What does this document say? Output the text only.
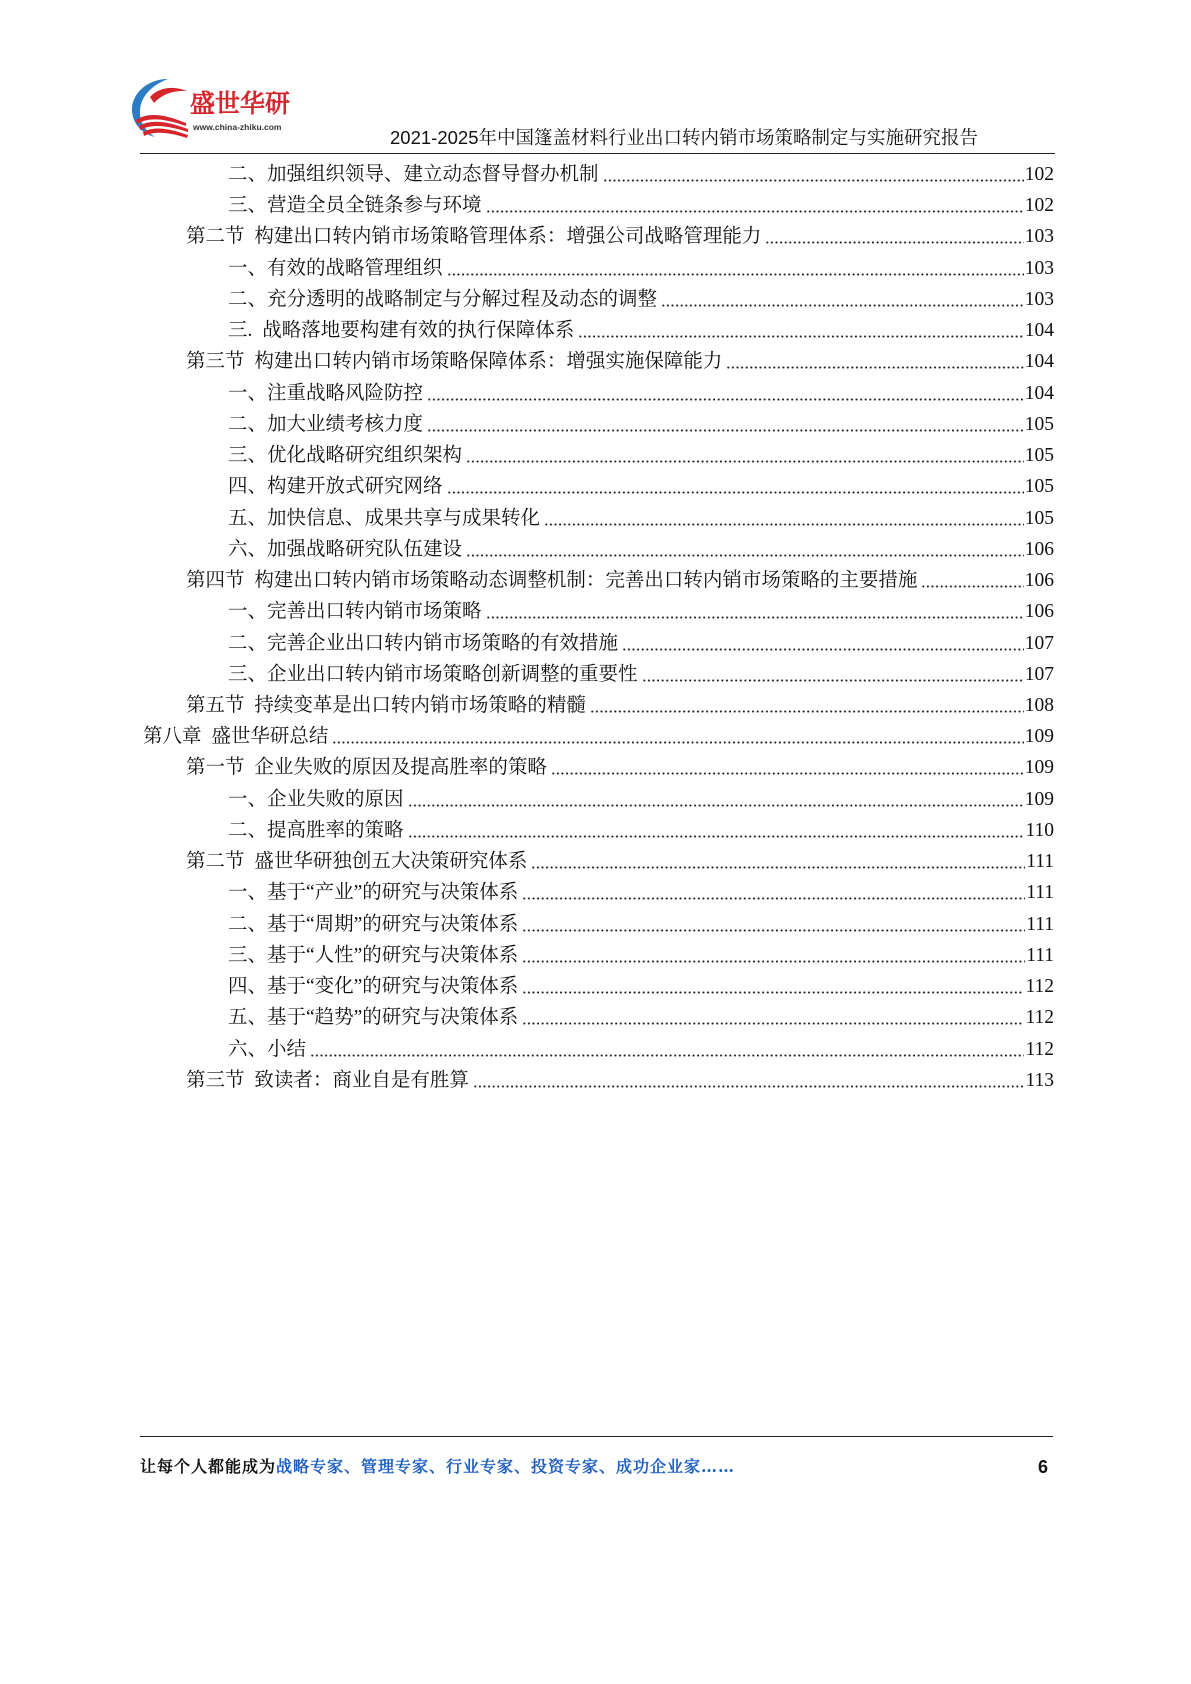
盛世华研
www.china-zhiku.com	2021-2025年中国篷盖材料行业出口转内销市场策略制定与实施研究报告
二、加强组织领导、建立动态督导督办机制	102
三、营造全员全链条参与环境	102
第二节 构建出口转内销市场策略管理体系：增强公司战略管理能力	103
一、有效的战略管理组织	103
二、充分透明的战略制定与分解过程及动态的调整	103
三. 战略落地要构建有效的执行保障体系	104
第三节 构建出口转内销市场策略保障体系：增强实施保障能力	104
一、注重战略风险防控	104
二、加大业绩考核力度	105
三、优化战略研究组织架构	105
四、构建开放式研究网络	105
五、加快信息、成果共享与成果转化	105
六、加强战略研究队伍建设	106
第四节 构建出口转内销市场策略动态调整机制：完善出口转内销市场策略的主要措施	106
一、完善出口转内销市场策略	106
二、完善企业出口转内销市场策略的有效措施	107
三、企业出口转内销市场策略创新调整的重要性	107
第五节 持续变革是出口转内销市场策略的精髓	108
第八章 盛世华研总结	109
第一节 企业失败的原因及提高胜率的策略	109
一、企业失败的原因	109
二、提高胜率的策略	110
第二节 盛世华研独创五大决策研究体系	111
一、基于“产业”的研究与决策体系	111
二、基于“周期”的研究与决策体系	111
三、基于“人性”的研究与决策体系	111
四、基于“变化”的研究与决策体系	112
五、基于“趋势”的研究与决策体系	112
六、小结	112
第三节 致读者：商业自是有胜算	113
让每个人都能成为战略专家、管理专家、行业专家、投资专家、成功企业家……	6
